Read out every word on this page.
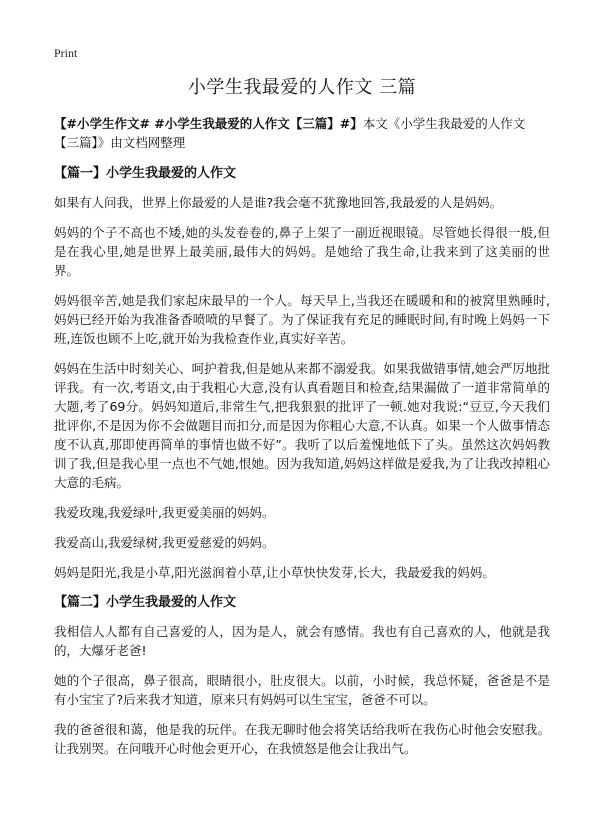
Print
小学生我最爱的人作文 三篇

【#小学生作文# #小学生我最爱的人作文【三篇】#】本文《小学生我最爱的人作文【三篇】》由文档网整理

【篇一】小学生我最爱的人作文

如果有人问我，世界上你最爱的人是谁?我会毫不犹豫地回答,我最爱的人是妈妈。

妈妈的个子不高也不矮,她的头发卷卷的,鼻子上架了一副近视眼镜。尽管她长得很一般,但是在我心里,她是世界上最美丽,最伟大的妈妈。是她给了我生命,让我来到了这美丽的世界。

妈妈很辛苦,她是我们家起床最早的一个人。每天早上,当我还在暖暖和和的被窝里熟睡时,妈妈已经开始为我准备香喷喷的早餐了。为了保证我有充足的睡眠时间,有时晚上妈妈一下班,连饭也顾不上吃,就开始为我检查作业,真实好辛苦。

妈妈在生活中时刻关心、呵护着我,但是她从来都不溺爱我。如果我做错事情,她会严厉地批评我。有一次,考语文,由于我粗心大意,没有认真看题目和检查,结果漏做了一道非常简单的大题,考了69分。妈妈知道后,非常生气,把我狠狠的批评了一顿.她对我说:“豆豆,今天我们批评你,不是因为你不会做题目而扣分,而是因为你粗心大意,不认真。如果一个人做事情态度不认真,那即使再简单的事情也做不好”。我听了以后羞愧地低下了头。虽然这次妈妈教训了我,但是我心里一点也不气她,恨她。因为我知道,妈妈这样做是爱我,为了让我改掉粗心大意的毛病。

我爱玫瑰,我爱绿叶,我更爱美丽的妈妈。

我爱高山,我爱绿树,我更爱慈爱的妈妈。

妈妈是阳光,我是小草,阳光滋润着小草,让小草快快发芽,长大，我最爱我的妈妈。

【篇二】小学生我最爱的人作文

我相信人人都有自己喜爱的人，因为是人，就会有感情。我也有自己喜欢的人，他就是我的，大爆牙老爸!

她的个子很高，鼻子很高，眼睛很小，肚皮很大。以前，小时候，我总怀疑，爸爸是不是有小宝宝了?后来我才知道，原来只有妈妈可以生宝宝，爸爸不可以。

我的爸爸很和蔼，他是我的玩伴。在我无聊时他会将笑话给我听在我伤心时他会安慰我。让我别哭。在问哦开心时他会更开心，在我愤怒是他会让我出气。
